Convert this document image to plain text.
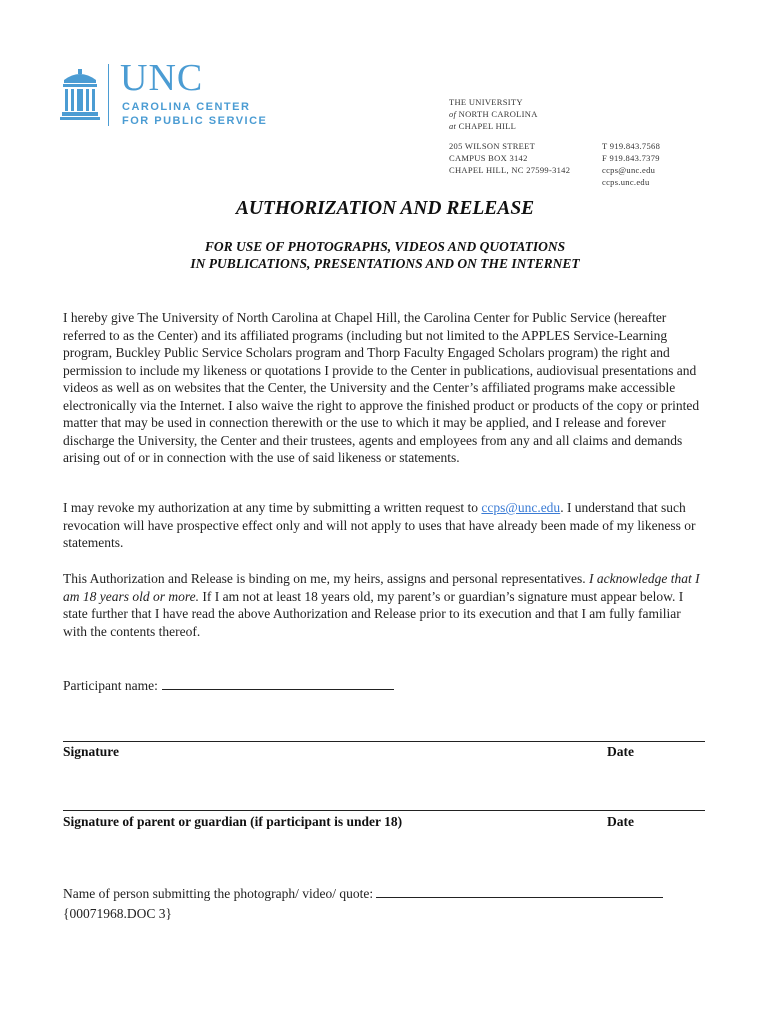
UNC
CAROLINA CENTER
FOR PUBLIC SERVICE
THE UNIVERSITY
of NORTH CAROLINA
at CHAPEL HILL
205 WILSON STREET
CAMPUS BOX 3142
CHAPEL HILL, NC 27599-3142
T 919.843.7568
F 919.843.7379
ccps@unc.edu
ccps.unc.edu
AUTHORIZATION AND RELEASE
FOR USE OF PHOTOGRAPHS, VIDEOS AND QUOTATIONS
IN PUBLICATIONS, PRESENTATIONS AND ON THE INTERNET
I hereby give The University of North Carolina at Chapel Hill, the Carolina Center for Public Service (hereafter referred to as the Center) and its affiliated programs (including but not limited to the APPLES Service-Learning program, Buckley Public Service Scholars program and Thorp Faculty Engaged Scholars program) the right and permission to include my likeness or quotations I provide to the Center in publications, audiovisual presentations and videos as well as on websites that the Center, the University and the Center’s affiliated programs make accessible electronically via the Internet. I also waive the right to approve the finished product or products of the copy or printed matter that may be used in connection therewith or the use to which it may be applied, and I release and forever discharge the University, the Center and their trustees, agents and employees from any and all claims and demands arising out of or in connection with the use of said likeness or statements.
I may revoke my authorization at any time by submitting a written request to ccps@unc.edu. I understand that such revocation will have prospective effect only and will not apply to uses that have already been made of my likeness or statements.
This Authorization and Release is binding on me, my heirs, assigns and personal representatives. I acknowledge that I am 18 years old or more. If I am not at least 18 years old, my parent’s or guardian’s signature must appear below. I state further that I have read the above Authorization and Release prior to its execution and that I am fully familiar with the contents thereof.
Participant name:
Signature	Date
Signature of parent or guardian (if participant is under 18)	Date
Name of person submitting the photograph/ video/ quote:
{00071968.DOC 3}
